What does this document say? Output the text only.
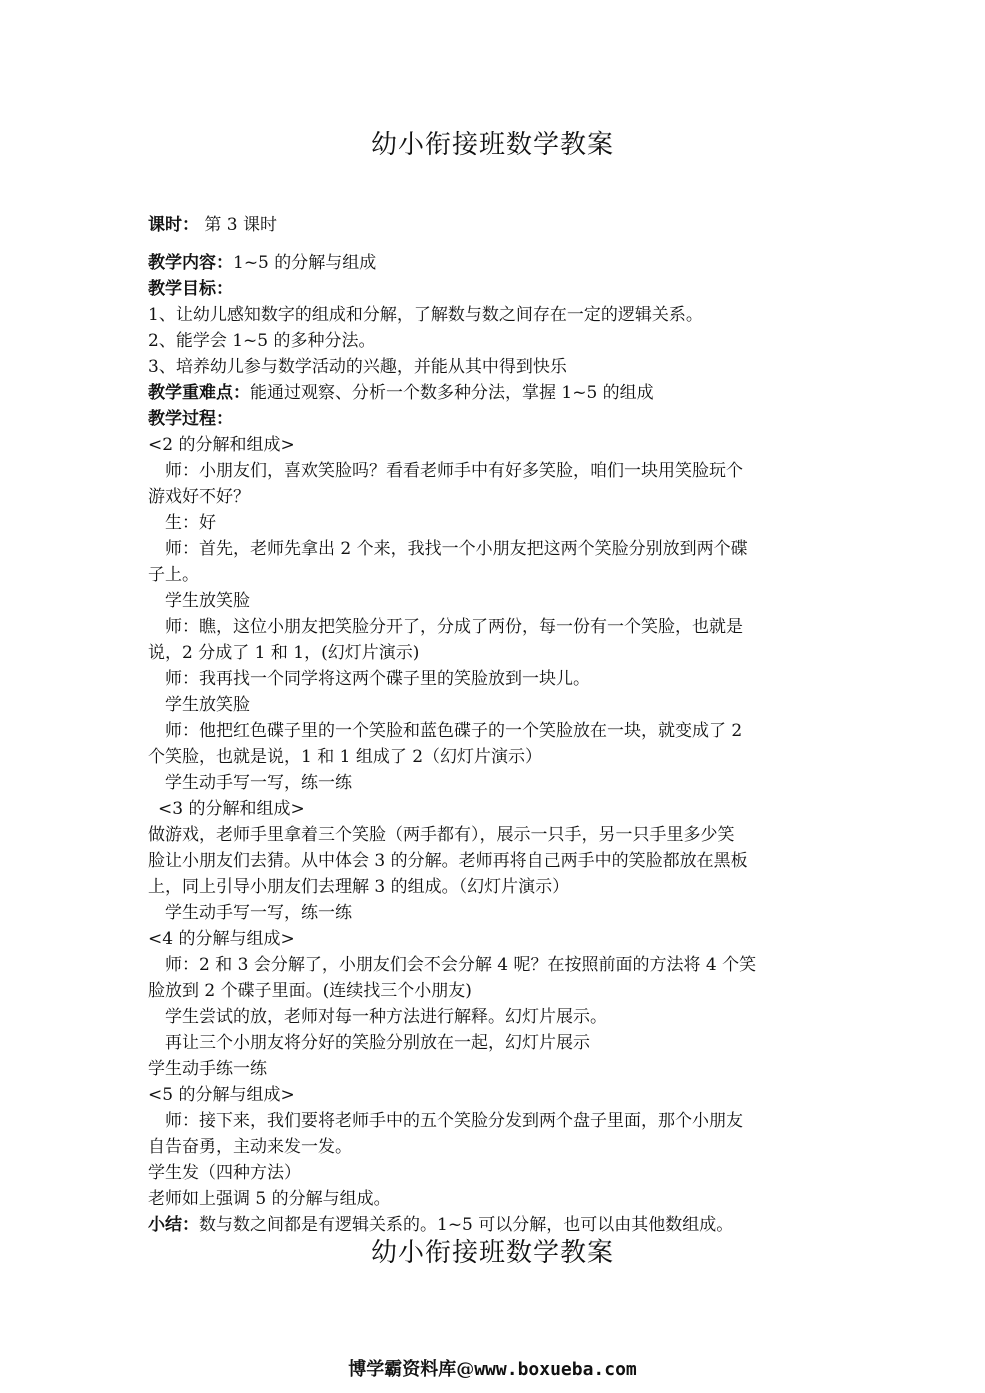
幼小衔接班数学教案
课时： 第 3 课时
教学内容：1~5 的分解与组成
教学目标：
1、让幼儿感知数字的组成和分解，了解数与数之间存在一定的逻辑关系。
2、能学会 1~5 的多种分法。
3、培养幼儿参与数学活动的兴趣，并能从其中得到快乐
教学重难点：能通过观察、分析一个数多种分法，掌握 1~5 的组成
教学过程：
<2 的分解和组成>
师：小朋友们，喜欢笑脸吗？看看老师手中有好多笑脸，咱们一块用笑脸玩个
游戏好不好？
生：好
师：首先，老师先拿出 2 个来，我找一个小朋友把这两个笑脸分别放到两个碟
子上。
学生放笑脸
师：瞧，这位小朋友把笑脸分开了，分成了两份，每一份有一个笑脸，也就是
说，2 分成了 1 和 1，(幻灯片演示)
师：我再找一个同学将这两个碟子里的笑脸放到一块儿。
学生放笑脸
师：他把红色碟子里的一个笑脸和蓝色碟子的一个笑脸放在一块，就变成了 2
个笑脸，也就是说，1 和 1 组成了 2（幻灯片演示）
学生动手写一写，练一练
<3 的分解和组成>
做游戏，老师手里拿着三个笑脸（两手都有），展示一只手，另一只手里多少笑
脸让小朋友们去猜。从中体会 3 的分解。老师再将自己两手中的笑脸都放在黑板
上，同上引导小朋友们去理解 3 的组成。（幻灯片演示）
学生动手写一写，练一练
<4 的分解与组成>
师：2 和 3 会分解了，小朋友们会不会分解 4 呢？在按照前面的方法将 4 个笑
脸放到 2 个碟子里面。(连续找三个小朋友)
学生尝试的放，老师对每一种方法进行解释。幻灯片展示。
再让三个小朋友将分好的笑脸分别放在一起，幻灯片展示
学生动手练一练
<5 的分解与组成>
师：接下来，我们要将老师手中的五个笑脸分发到两个盘子里面，那个小朋友
自告奋勇，主动来发一发。
学生发（四种方法）
老师如上强调 5 的分解与组成。
小结：数与数之间都是有逻辑关系的。1~5 可以分解，也可以由其他数组成。
幼小衔接班数学教案
博学霸资料库@www.boxueba.com
